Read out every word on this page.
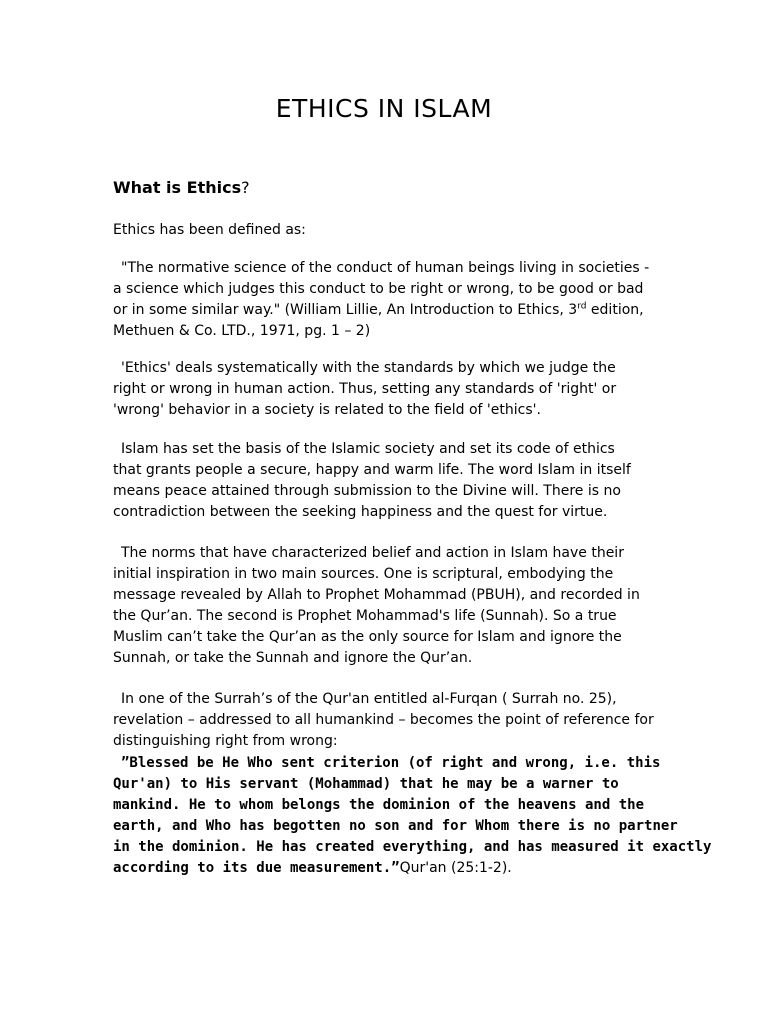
ETHICS IN ISLAM
What is Ethics?
Ethics has been defined as:
"The normative science of the conduct of human beings living in societies -
a science which judges this conduct to be right or wrong, to be good or bad
or in some similar way." (William Lillie, An Introduction to Ethics, 3rd edition,
Methuen & Co. LTD., 1971, pg. 1 – 2)
'Ethics' deals systematically with the standards by which we judge the
right or wrong in human action. Thus, setting any standards of 'right' or
'wrong' behavior in a society is related to the field of 'ethics'.
Islam has set the basis of the Islamic society and set its code of ethics
that grants people a secure, happy and warm life. The word Islam in itself
means peace attained through submission to the Divine will. There is no
contradiction between the seeking happiness and the quest for virtue.
The norms that have characterized belief and action in Islam have their
initial inspiration in two main sources. One is scriptural, embodying the
message revealed by Allah to Prophet Mohammad (PBUH), and recorded in
the Qur’an. The second is Prophet Mohammad's life (Sunnah). So a true
Muslim can’t take the Qur’an as the only source for Islam and ignore the
Sunnah, or take the Sunnah and ignore the Qur’an.
In one of the Surrah’s of the Qur'an entitled al-Furqan ( Surrah no. 25),
revelation – addressed to all humankind – becomes the point of reference for
distinguishing right from wrong:
”Blessed be He Who sent criterion (of right and wrong, i.e. this
Qur'an) to His servant (Mohammad) that he may be a warner to
mankind. He to whom belongs the dominion of the heavens and the
earth, and Who has begotten no son and for Whom there is no partner
in the dominion. He has created everything, and has measured it exactly
according to its due measurement.”Qur'an (25:1-2).
